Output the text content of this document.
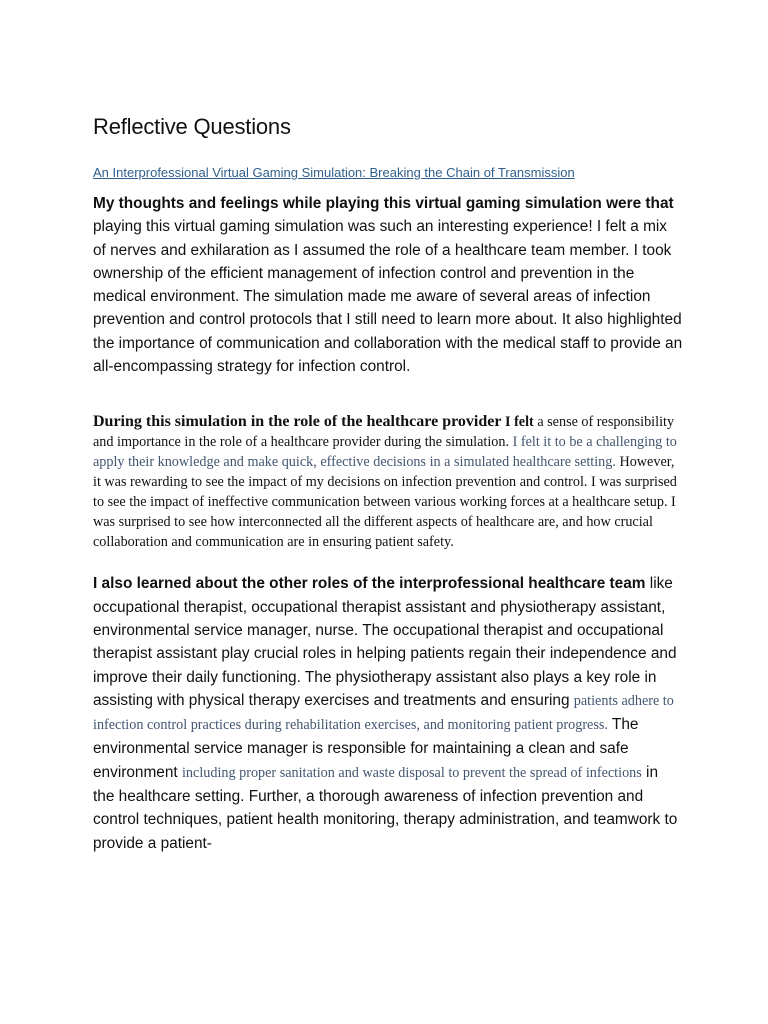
Reflective Questions
An Interprofessional Virtual Gaming Simulation: Breaking the Chain of Transmission

My thoughts and feelings while playing this virtual gaming simulation were that playing this virtual gaming simulation was such an interesting experience! I felt a mix of nerves and exhilaration as I assumed the role of a healthcare team member. I took ownership of the efficient management of infection control and prevention in the medical environment. The simulation made me aware of several areas of infection prevention and control protocols that I still need to learn more about. It also highlighted the importance of communication and collaboration with the medical staff to provide an all-encompassing strategy for infection control.

During this simulation in the role of the healthcare provider I felt a sense of responsibility and importance in the role of a healthcare provider during the simulation. I felt it to be a challenging to apply their knowledge and make quick, effective decisions in a simulated healthcare setting. However, it was rewarding to see the impact of my decisions on infection prevention and control. I was surprised to see the impact of ineffective communication between various working forces at a healthcare setup. I was surprised to see how interconnected all the different aspects of healthcare are, and how crucial collaboration and communication are in ensuring patient safety.

I also learned about the other roles of the interprofessional healthcare team like occupational therapist, occupational therapist assistant and physiotherapy assistant, environmental service manager, nurse. The occupational therapist and occupational therapist assistant play crucial roles in helping patients regain their independence and improve their daily functioning. The physiotherapy assistant also plays a key role in assisting with physical therapy exercises and treatments and ensuring patients adhere to infection control practices during rehabilitation exercises, and monitoring patient progress. The environmental service manager is responsible for maintaining a clean and safe environment including proper sanitation and waste disposal to prevent the spread of infections in the healthcare setting. Further, a thorough awareness of infection prevention and control techniques, patient health monitoring, therapy administration, and teamwork to provide a patient-
